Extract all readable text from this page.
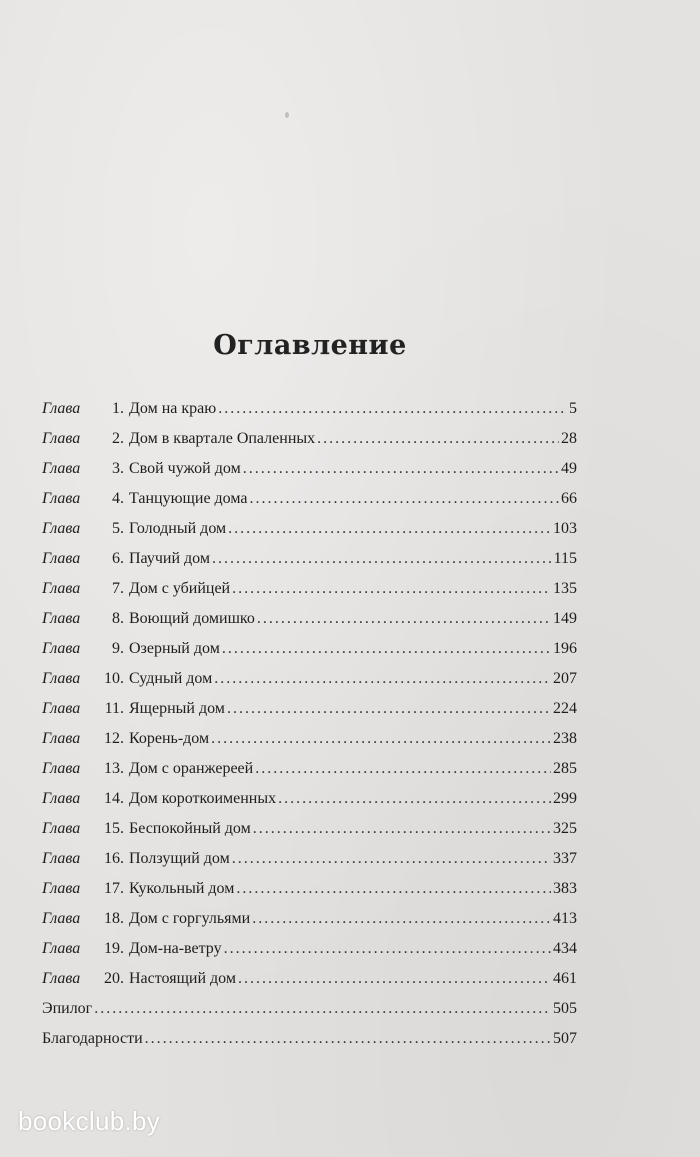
Оглавление
Глава	1. Дом на краю .....	5
Глава	2. Дом в квартале Опаленных .....	28
Глава	3. Свой чужой дом .....	49
Глава	4. Танцующие дома .....	66
Глава	5. Голодный дом .....	103
Глава	6. Паучий дом .....	115
Глава	7. Дом с убийцей .....	135
Глава	8. Воющий домишко .....	149
Глава	9. Озерный дом .....	196
Глава	10. Судный дом .....	207
Глава	11. Ящерный дом .....	224
Глава	12. Корень-дом .....	238
Глава	13. Дом с оранжереей .....	285
Глава	14. Дом короткоименных .....	299
Глава	15. Беспокойный дом .....	325
Глава	16. Ползущий дом .....	337
Глава	17. Кукольный дом .....	383
Глава	18. Дом с горгульями .....	413
Глава	19. Дом-на-ветру .....	434
Глава	20. Настоящий дом .....	461
Эпилог .....	505
Благодарности .....	507
bookclub.by
